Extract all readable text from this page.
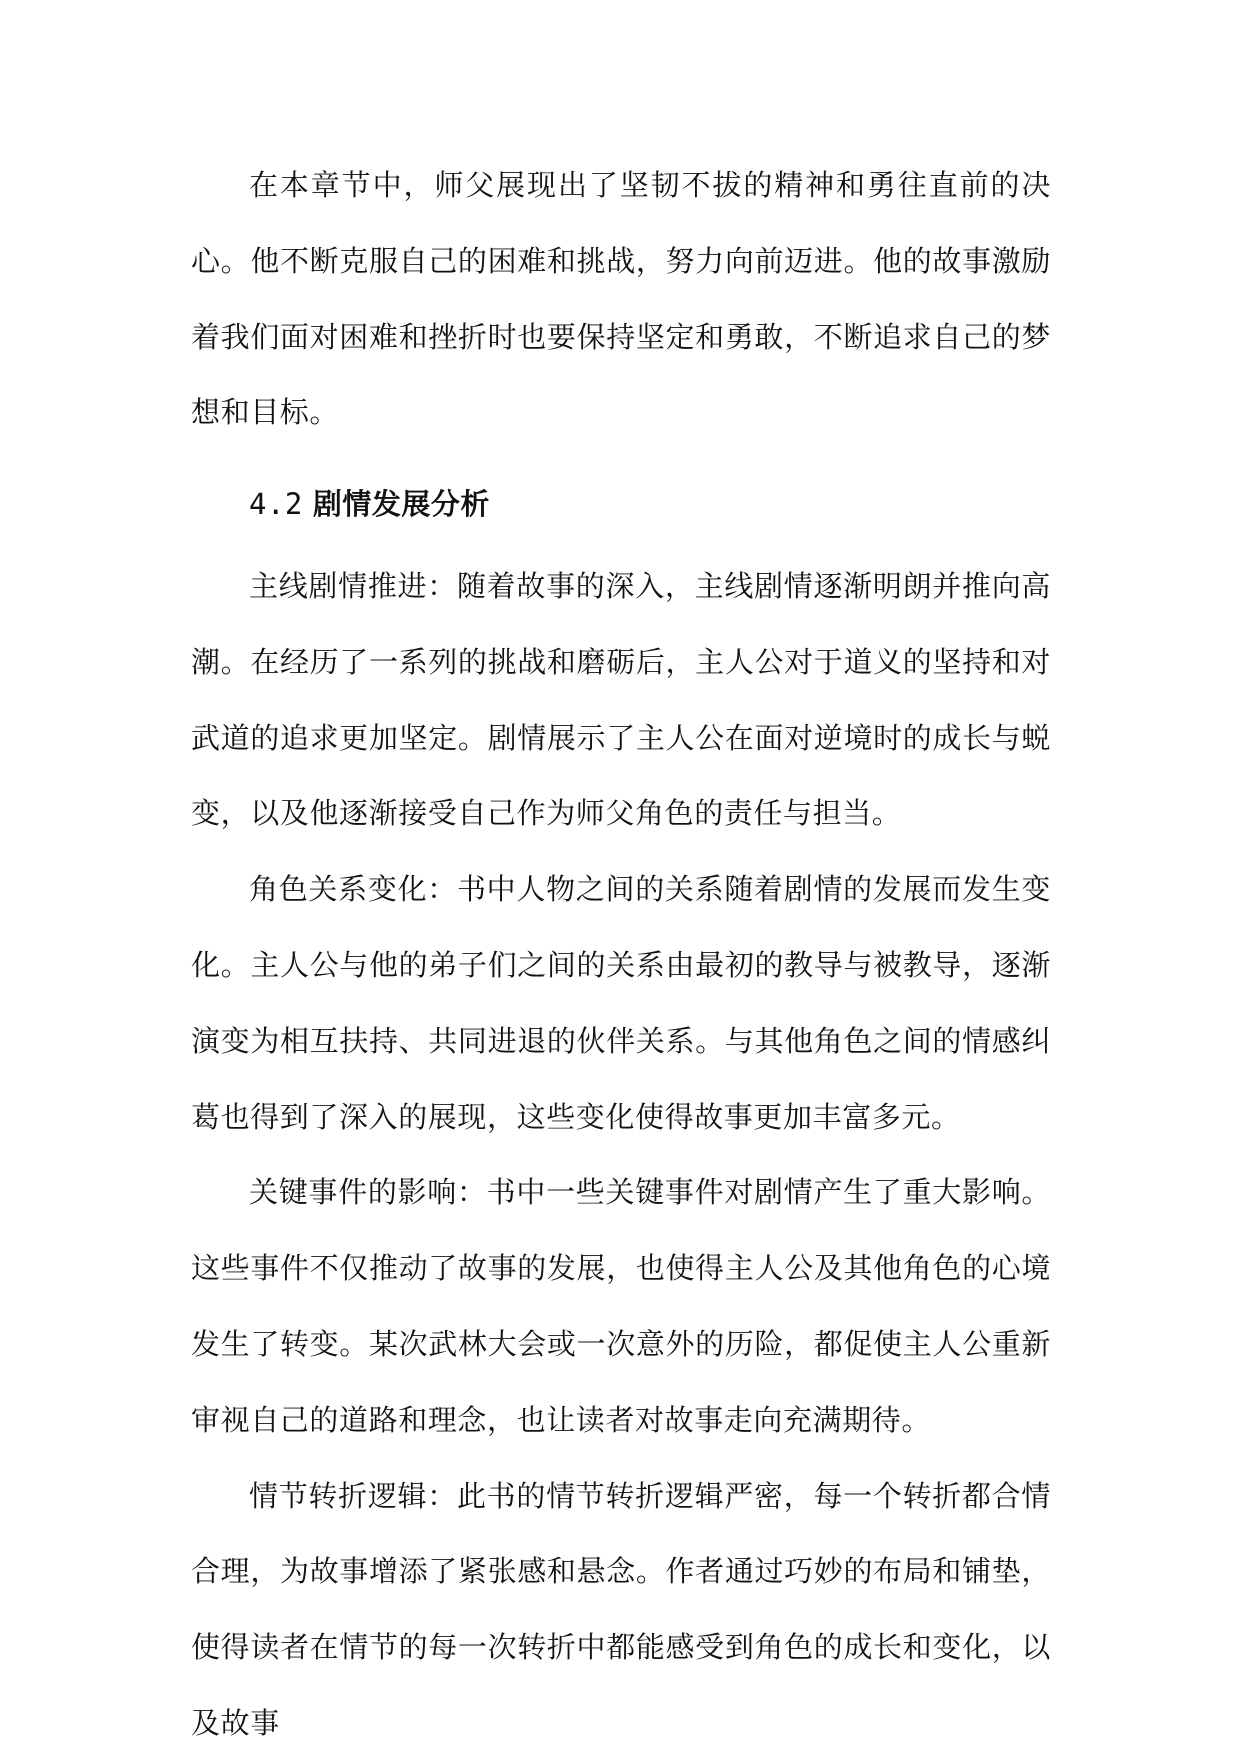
在本章节中，师父展现出了坚韧不拔的精神和勇往直前的决心。他不断克服自己的困难和挑战，努力向前迈进。他的故事激励着我们面对困难和挫折时也要保持坚定和勇敢，不断追求自己的梦想和目标。

4.2 剧情发展分析

主线剧情推进：随着故事的深入，主线剧情逐渐明朗并推向高潮。在经历了一系列的挑战和磨砺后，主人公对于道义的坚持和对武道的追求更加坚定。剧情展示了主人公在面对逆境时的成长与蜕变，以及他逐渐接受自己作为师父角色的责任与担当。

角色关系变化：书中人物之间的关系随着剧情的发展而发生变化。主人公与他的弟子们之间的关系由最初的教导与被教导，逐渐演变为相互扶持、共同进退的伙伴关系。与其他角色之间的情感纠葛也得到了深入的展现，这些变化使得故事更加丰富多元。

关键事件的影响：书中一些关键事件对剧情产生了重大影响。这些事件不仅推动了故事的发展，也使得主人公及其他角色的心境发生了转变。某次武林大会或一次意外的历险，都促使主人公重新审视自己的道路和理念，也让读者对故事走向充满期待。

情节转折逻辑：此书的情节转折逻辑严密，每一个转折都合情合理，为故事增添了紧张感和悬念。作者通过巧妙的布局和铺垫，使得读者在情节的每一次转折中都能感受到角色的成长和变化，以及故事
